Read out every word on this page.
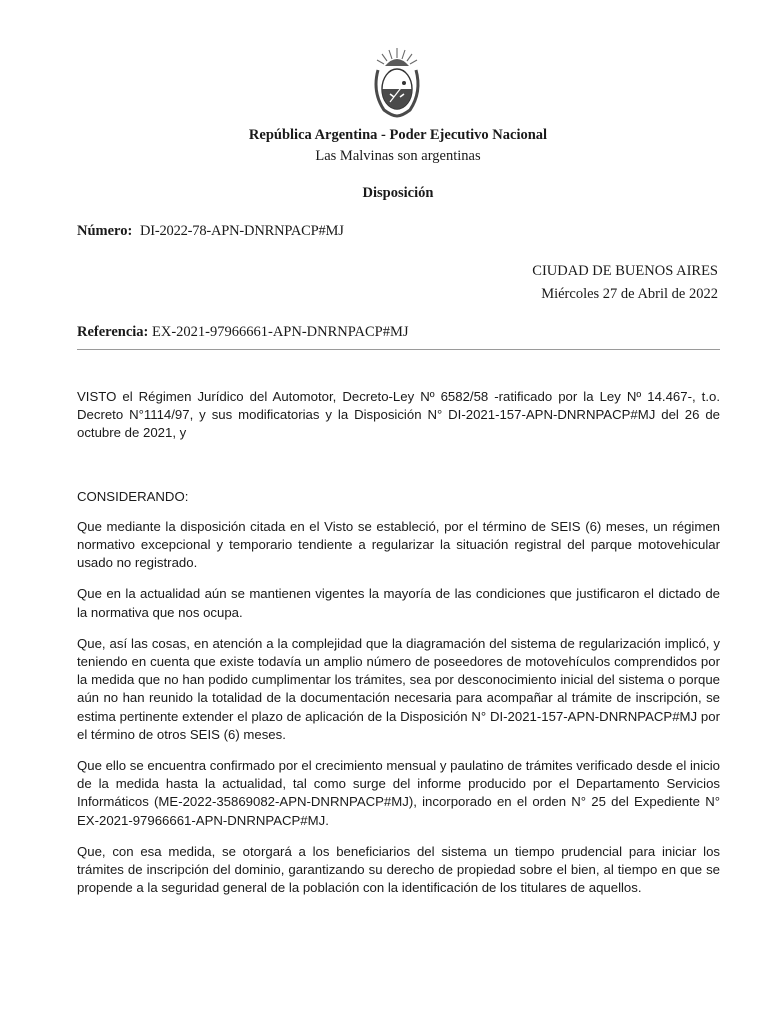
República Argentina - Poder Ejecutivo Nacional
Las Malvinas son argentinas
Disposición
Número: DI-2022-78-APN-DNRNPACP#MJ
CIUDAD DE BUENOS AIRES
Miércoles 27 de Abril de 2022
Referencia: EX-2021-97966661-APN-DNRNPACP#MJ

VISTO el Régimen Jurídico del Automotor, Decreto-Ley Nº 6582/58 -ratificado por la Ley Nº 14.467-, t.o. Decreto N°1114/97, y sus modificatorias y la Disposición N° DI-2021-157-APN-DNRNPACP#MJ del 26 de octubre de 2021, y

CONSIDERANDO:

Que mediante la disposición citada en el Visto se estableció, por el término de SEIS (6) meses, un régimen normativo excepcional y temporario tendiente a regularizar la situación registral del parque motovehicular usado no registrado.

Que en la actualidad aún se mantienen vigentes la mayoría de las condiciones que justificaron el dictado de la normativa que nos ocupa.

Que, así las cosas, en atención a la complejidad que la diagramación del sistema de regularización implicó, y teniendo en cuenta que existe todavía un amplio número de poseedores de motovehículos comprendidos por la medida que no han podido cumplimentar los trámites, sea por desconocimiento inicial del sistema o porque aún no han reunido la totalidad de la documentación necesaria para acompañar al trámite de inscripción, se estima pertinente extender el plazo de aplicación de la Disposición N° DI-2021-157-APN-DNRNPACP#MJ por el término de otros SEIS (6) meses.

Que ello se encuentra confirmado por el crecimiento mensual y paulatino de trámites verificado desde el inicio de la medida hasta la actualidad, tal como surge del informe producido por el Departamento Servicios Informáticos (ME-2022-35869082-APN-DNRNPACP#MJ), incorporado en el orden N° 25 del Expediente N° EX-2021-97966661-APN-DNRNPACP#MJ.

Que, con esa medida, se otorgará a los beneficiarios del sistema un tiempo prudencial para iniciar los trámites de inscripción del dominio, garantizando su derecho de propiedad sobre el bien, al tiempo en que se propende a la seguridad general de la población con la identificación de los titulares de aquellos.
